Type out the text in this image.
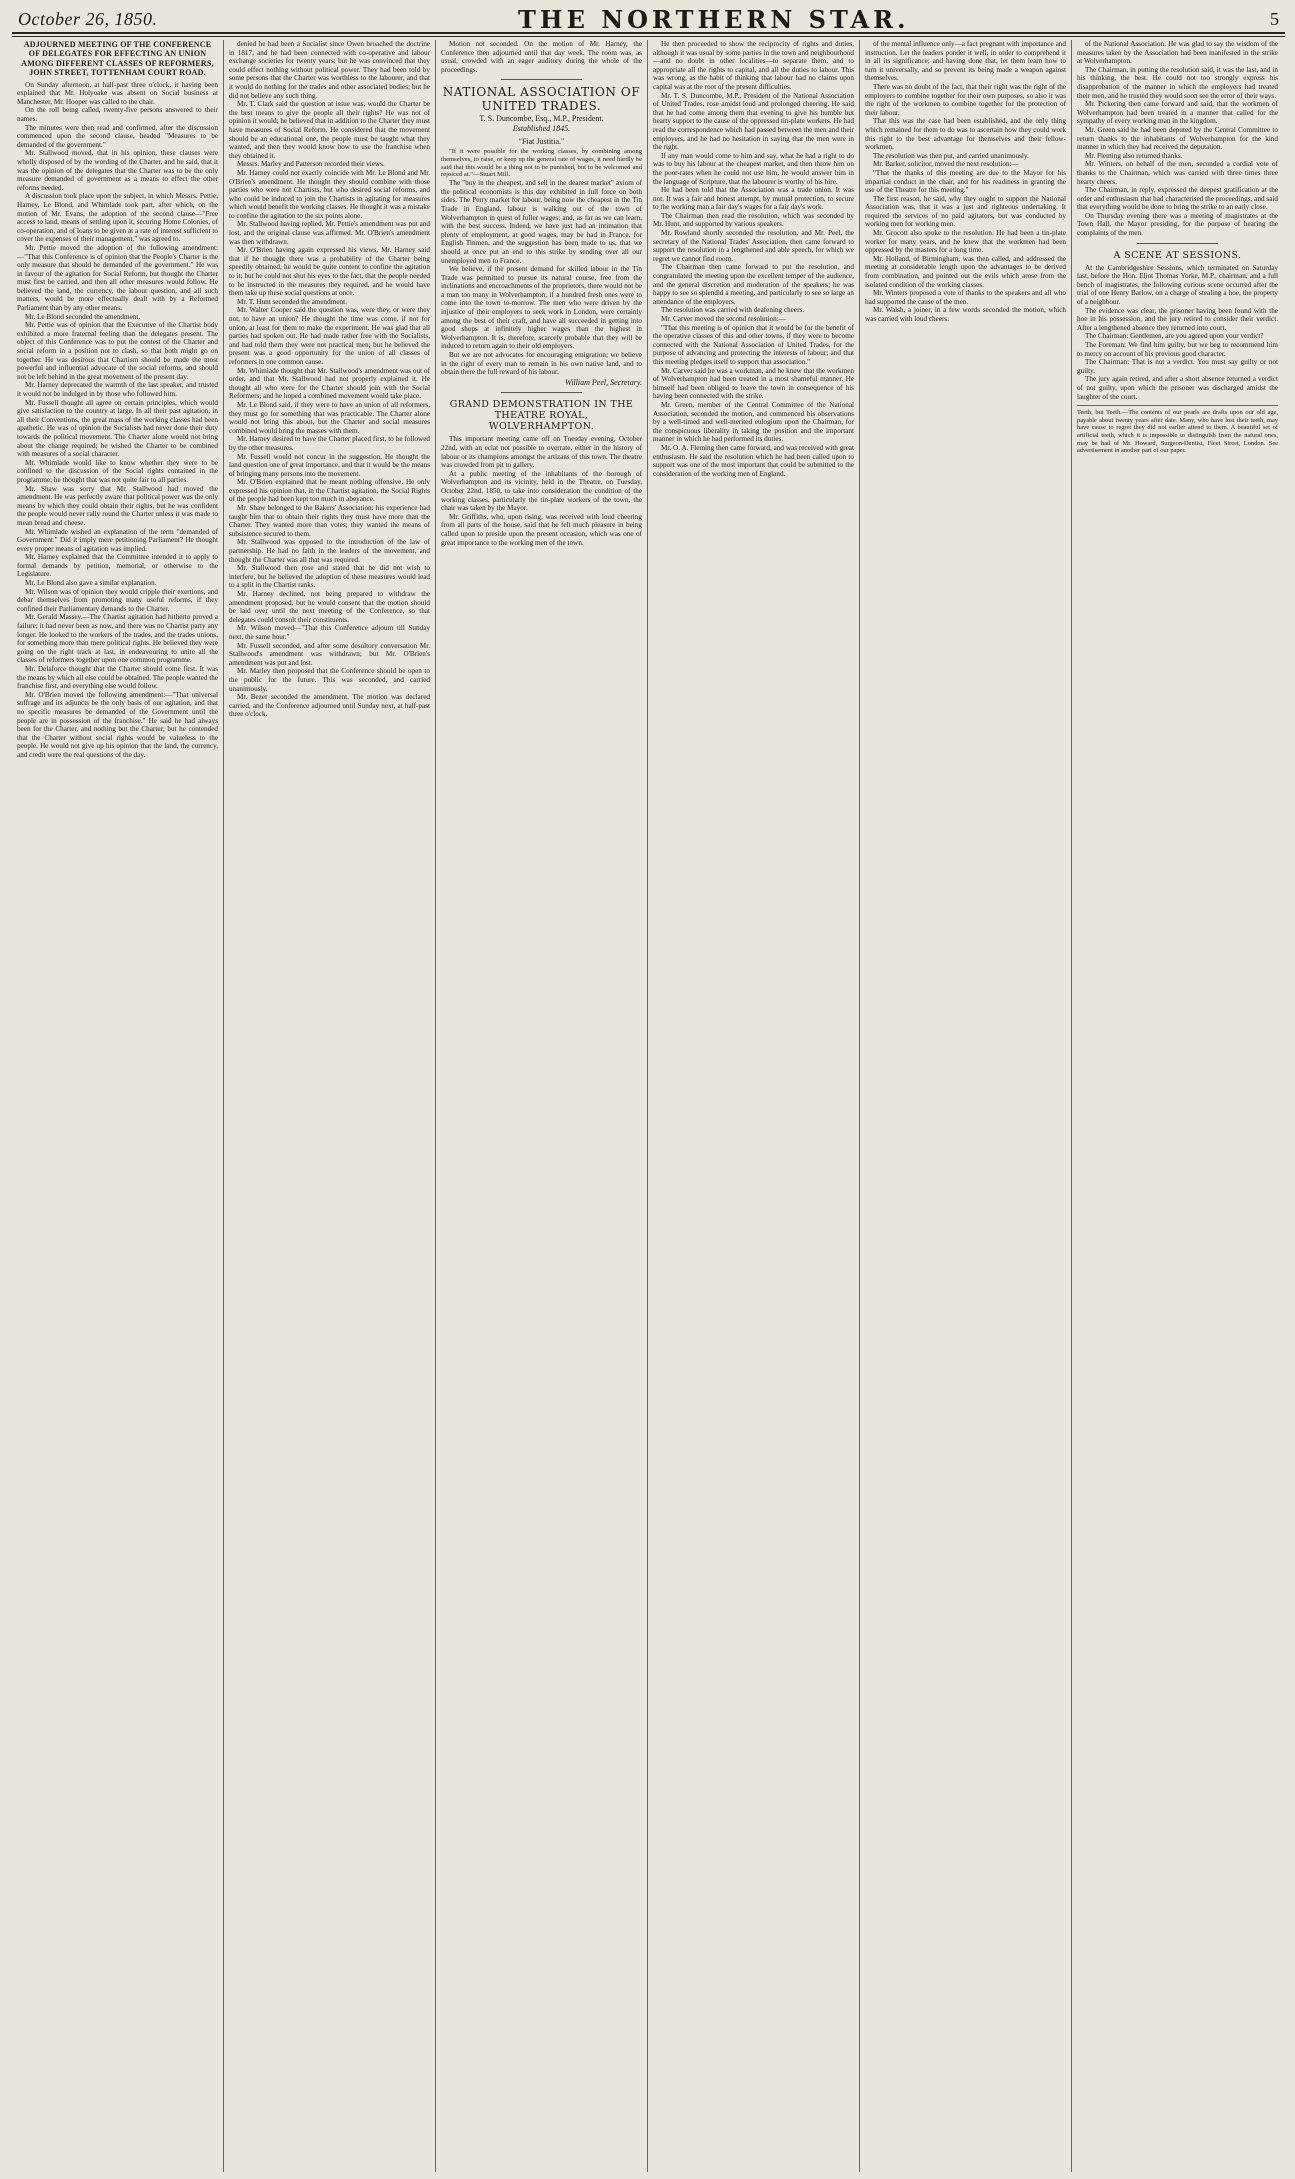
October 26, 1850.	THE NORTHERN STAR.	5

ADJOURNED MEETING OF THE CONFERENCE OF DELEGATES FOR EFFECTING AN UNION AMONG DIFFERENT CLASSES OF REFORMERS, JOHN STREET, TOTTENHAM COURT ROAD.

On Sunday afternoon, at half-past three o'clock, it having been explained that Mr. Holyoake was absent on Social business at Manchester, Mr. Hooper was called to the chair.

On the roll being called, twenty-five persons answered to their names.

The minutes were then read and confirmed, after the discussion commenced upon the second clause, headed "Measures to be demanded of the government."

Mr. Stallwood moved, that in his opinion, these clauses were wholly disposed of by the wording of the Charter, and he said, that it was the opinion of the delegates that the Charter was to be the only measure demanded of government as a means to effect the other reforms needed.

A discussion took place upon the subject, in which Messrs. Pettie, Harney, Le Blond, and Whimlade took part, after which, on the motion of Mr. Evans, the adoption of the second clause—"Free access to land, means of settling upon it, securing Home Colonies, of co-operation, and of loans to be given at a rate of interest sufficient to cover the expenses of their management," was agreed to.

Mr. Pettie moved the adoption of the following amendment:—"That this Conference is of opinion that the People's Charter is the only measure that should be demanded of the government." He was in favour of the agitation for Social Reform, but thought the Charter must first be carried, and then all other measures would follow. He believed the land, the currency, the labour question, and all such matters, would be more effectually dealt with by a Reformed Parliament than by any other means.

Mr. Le Blond seconded the amendment.

Mr. Pettie was of opinion that the Executive of the Chartist body exhibited a more fraternal feeling than the delegates present. The object of this Conference was to put the contest of the Charter and social reform in a position not to clash, so that both might go on together. He was desirous that Chartism should be made the most powerful and influential advocate of the social reforms, and should not be left behind in the great movement of the present day.

Mr. Harney deprecated the warmth of the last speaker, and trusted it would not be indulged in by those who followed him.

Mr. Fussell thought all agree on certain principles, which would give satisfaction to the country at large. In all their past agitation, in all their Conventions, the great mass of the working classes had been apathetic. He was of opinion the Socialists had never done their duty towards the political movement. The Charter alone would not bring about the change required; he wished the Charter to be combined with measures of a social character.

Mr. Whimlade would like to know whether they were to be confined to the discussion of the Social rights contained in the programme; he thought that was not quite fair to all parties.

Mr. Shaw was sorry that Mr. Stallwood had moved the amendment. He was perfectly aware that political power was the only means by which they could obtain their rights, but he was confident the people would never rally round the Charter unless it was made to mean bread and cheese.

Mr. Whimlade wished an explanation of the term "demanded of Government." Did it imply mere petitioning Parliament? He thought every proper means of agitation was implied.

Mr. Harney explained that the Committee intended it to apply to formal demands by petition, memorial, or otherwise to the Legislature.

Mr. Le Blond also gave a similar explanation.

Mr. Wilson was of opinion they would cripple their exertions, and debar themselves from promoting many useful reforms, if they confined their Parliamentary demands to the Charter.

Mr. Gerald Massey.—The Chartist agitation had hitherto proved a failure; it had never been as now, and there was no Chartist party any longer. He looked to the workers of the trades, and the trades unions, for something more than mere political rights. He believed they were going on the right track at last, in endeavouring to unite all the classes of reformers together upon one common programme.

Mr. Delaforce thought that the Charter should come first. It was the means by which all else could be obtained. The people wanted the franchise first, and everything else would follow.

Mr. O'Brien moved the following amendment:—"That universal suffrage and its adjuncts be the only basis of our agitation, and that no specific measures be demanded of the Government until the people are in possession of the franchise." He said he had always been for the Charter, and nothing but the Charter; but he contended that the Charter without social rights would be valueless to the people. He would not give up his opinion that the land, the currency, and credit were the real questions of the day.

denied he had been a Socialist since Owen broached the doctrine in 1817, and he had been connected with co-operative and labour exchange societies for twenty years; but he was convinced that they could effect nothing without political power. They had been told by some persons that the Charter was worthless to the labourer, and that it would do nothing for the trades and other associated bodies; but he did not believe any such thing.

Mr. T. Clark said the question at issue was, would the Charter be the best means to give the people all their rights? He was not of opinion it would; he believed that in addition to the Charter they must have measures of Social Reform. He considered that the movement should be an educational one, the people must be taught what they wanted, and then they would know how to use the franchise when they obtained it.

Messrs. Marley and Patterson recorded their views.

Mr. Harney could not exactly coincide with Mr. Le Blond and Mr. O'Brien's amendment. He thought they should combine with those parties who were not Chartists, but who desired social reforms, and who could be induced to join the Chartists in agitating for measures which would benefit the working classes. He thought it was a mistake to confine the agitation to the six points alone.

Mr. Stallwood having replied, Mr. Pettie's amendment was put and lost, and the original clause was affirmed. Mr. O'Brien's amendment was then withdrawn.

Mr. O'Brien having again expressed his views, Mr. Harney said that if he thought there was a probability of the Charter being speedily obtained, he would be quite content to confine the agitation to it; but he could not shut his eyes to the fact, that the people needed to be instructed in the measures they required, and he would have them take up these social questions at once.

Mr. T. Hunt seconded the amendment.

Mr. Walter Cooper said the question was, were they, or were they not, to have an union? He thought the time was come, if not for union, at least for them to make the experiment. He was glad that all parties had spoken out. He had made rather free with the Socialists, and had told them they were not practical men; but he believed the present was a good opportunity for the union of all classes of reformers in one common cause.

Mr. Whimlade thought that Mr. Stallwood's amendment was out of order, and that Mr. Stallwood had not properly explained it. He thought all who were for the Charter should join with the Social Reformers; and he hoped a combined movement would take place.

Mr. Le Blond said, if they were to have an union of all reformers, they must go for something that was practicable. The Charter alone would not bring this about, but the Charter and social measures combined would bring the masses with them.

Mr. Harney desired to have the Charter placed first, to be followed by the other measures.

Mr. Fussell would not concur in the suggestion. He thought the land question one of great importance, and that it would be the means of bringing many persons into the movement.

Mr. O'Brien explained that he meant nothing offensive. He only expressed his opinion that, in the Chartist agitation, the Social Rights of the people had been kept too much in abeyance.

Mr. Shaw belonged to the Bakers' Association: his experience had taught him that to obtain their rights they must have more than the Charter. They wanted more than votes; they wanted the means of subsistence secured to them.

Mr. Stallwood was opposed to the introduction of the law of partnership. He had no faith in the leaders of the movement, and thought the Charter was all that was required.

Mr. Stallwood then rose and stated that he did not wish to interfere, but he believed the adoption of these measures would lead to a split in the Chartist ranks.

Mr. Harney declined, not being prepared to withdraw the amendment proposed, but he would consent that the motion should be laid over until the next meeting of the Conference, so that delegates could consult their constituents.

Mr. Wilson moved—"That this Conference adjourn till Sunday next, the same hour."

Mr. Fussell seconded, and after some desultory conversation Mr. Stallwood's amendment was withdrawn; but Mr. O'Brien's amendment was put and lost.

Mr. Marley then proposed that the Conference should be open to the public for the future. This was seconded, and carried unanimously.

Mr. Bezer seconded the amendment. The motion was declared carried, and the Conference adjourned until Sunday next, at half-past three o'clock.

Motion not seconded. On the motion of Mr. Harney, the Conference then adjourned until that day week. The room was, as usual, crowded with an eager auditory during the whole of the proceedings.

NATIONAL ASSOCIATION OF UNITED TRADES.

T. S. Duncombe, Esq., M.P., President.

Established 1845.

"Fiat Justitia."

"If it were possible for the working classes, by combining among themselves, to raise, or keep up the general rate of wages, it need hardly be said that this would be a thing not to be punished, but to be welcomed and rejoiced at."—Stuart Mill.

The "buy in the cheapest, and sell in the dearest market" axiom of the political economists is this day exhibited in full force on both sides. The Perry market for labour, being now the cheapest in the Tin Trade in England, labour is walking out of the town of Wolverhampton in quest of fuller wages; and, as far as we can learn, with the best success. Indeed, we have just had an intimation that plenty of employment, at good wages, may be had in France, for English Tinmen, and the suggestion has been made to us, that we should at once put an end to this strike by sending over all our unemployed men to France.

We believe, if the present demand for skilled labour in the Tin Trade was permitted to pursue its natural course, free from the inclinations and encroachments of the proprietors, there would not be a man too many in Wolverhampton, if a hundred fresh ones were to come into the town to-morrow. The men who were driven by the injustice of their employers to seek work in London, were certainly among the best of their craft, and have all succeeded in getting into good shops at infinitely higher wages than the highest in Wolverhampton. It is, therefore, scarcely probable that they will be induced to return again to their old employers.

But we are not advocates for encouraging emigration; we believe in the right of every man to remain in his own native land, and to obtain there the full reward of his labour.

William Peel, Secretary.

GRAND DEMONSTRATION IN THE THEATRE ROYAL, WOLVERHAMPTON.

This important meeting came off on Tuesday evening, October 22nd, with an eclat not possible to overrate, either in the history of labour or its champions amongst the artizans of this town. The theatre was crowded from pit to gallery.

At a public meeting of the inhabitants of the borough of Wolverhampton and its vicinity, held in the Theatre, on Tuesday, October 22nd, 1850, to take into consideration the condition of the working classes, particularly the tin-plate workers of the town, the chair was taken by the Mayor.

Mr. Griffiths, who, upon rising, was received with loud cheering from all parts of the house, said that he felt much pleasure in being called upon to preside upon the present occasion, which was one of great importance to the working men of the town.

He then proceeded to show the reciprocity of rights and duties, although it was usual by some parties in the town and neighbourhood—and no doubt in other localities—to separate them, and to appropriate all the rights to capital, and all the duties to labour. This was wrong, as the habit of thinking that labour had no claims upon capital was at the root of the present difficulties.

Mr. T. S. Duncombe, M.P., President of the National Association of United Trades, rose amidst loud and prolonged cheering. He said that he had come among them that evening to give his humble but hearty support to the cause of the oppressed tin-plate workers. He had read the correspondence which had passed between the men and their employers, and he had no hesitation in saying that the men were in the right.

If any man would come to him and say, what he had a right to do was to buy his labour at the cheapest market, and then throw him on the poor-rates when he could not use him, he would answer him in the language of Scripture, that the labourer is worthy of his hire.

He had been told that the Association was a trade union. It was not. It was a fair and honest attempt, by mutual protection, to secure to the working man a fair day's wages for a fair day's work.

The Chairman then read the resolution, which was seconded by Mr. Hunt, and supported by various speakers.

Mr. Rowland shortly seconded the resolution, and Mr. Peel, the secretary of the National Trades' Association, then came forward to support the resolution in a lengthened and able speech, for which we regret we cannot find room.

The Chairman then came forward to put the resolution, and congratulated the meeting upon the excellent temper of the audience, and the general discretion and moderation of the speakers; he was happy to see so splendid a meeting, and particularly to see so large an attendance of the employers.

The resolution was carried with deafening cheers.

Mr. Carver moved the second resolution:—

"That this meeting is of opinion that it would be for the benefit of the operative classes of this and other towns, if they were to become connected with the National Association of United Trades, for the purpose of advancing and protecting the interests of labour; and that this meeting pledges itself to support that association."

Mr. Carver said he was a workman, and he knew that the workmen of Wolverhampton had been treated in a most shameful manner. He himself had been obliged to leave the town in consequence of his having been connected with the strike.

Mr. Green, member of the Central Committee of the National Association, seconded the motion, and commenced his observations by a well-timed and well-merited eulogium upon the Chairman, for the conspicuous liberality in taking the position and the important manner in which he had performed its duties.

Mr. O. A. Fleming then came forward, and was received with great enthusiasm. He said the resolution which he had been called upon to support was one of the most important that could be submitted to the consideration of the working men of England.

of the mental influence only—a fact pregnant with importance and instruction. Let the leaders ponder it well, in order to comprehend it in all its significance; and having done that, let them learn how to turn it universally, and so prevent its being made a weapon against themselves.

There was no doubt of the fact, that their right was the right of the employers to combine together for their own purposes, so also it was the right of the workmen to combine together for the protection of their labour.

That this was the case had been established, and the only thing which remained for them to do was to ascertain how they could work this right to the best advantage for themselves and their fellow-workmen.

The resolution was then put, and carried unanimously.

Mr. Barker, solicitor, moved the next resolution:—

"That the thanks of this meeting are due to the Mayor for his impartial conduct in the chair, and for his readiness in granting the use of the Theatre for this meeting."

The first reason, he said, why they ought to support the National Association was, that it was a just and righteous undertaking. It required the services of no paid agitators, but was conducted by working men for working men.

Mr. Grocott also spoke to the resolution. He had been a tin-plate worker for many years, and he knew that the workmen had been oppressed by the masters for a long time.

Mr. Holland, of Birmingham, was then called, and addressed the meeting at considerable length upon the advantages to be derived from combination, and pointed out the evils which arose from the isolated condition of the working classes.

Mr. Winters proposed a vote of thanks to the speakers and all who had supported the cause of the men.

Mr. Walsh, a joiner, in a few words seconded the motion, which was carried with loud cheers.

of the National Association. He was glad to say the wisdom of the measures taken by the Association had been manifested in the strike at Wolverhampton.

The Chairman, in putting the resolution said, it was the last, and in his thinking, the best. He could not too strongly express his disapprobation of the manner in which the employers had treated their men, and he trusted they would soon see the error of their ways.

Mr. Pickering then came forward and said, that the workmen of Wolverhampton had been treated in a manner that called for the sympathy of every working man in the kingdom.

Mr. Green said he had been deputed by the Central Committee to return thanks to the inhabitants of Wolverhampton for the kind manner in which they had received the deputation.

Mr. Fleming also returned thanks.

Mr. Winters, on behalf of the men, seconded a cordial vote of thanks to the Chairman, which was carried with three times three hearty cheers.

The Chairman, in reply, expressed the deepest gratification at the order and enthusiasm that had characterised the proceedings, and said that everything would be done to bring the strike to an early close.

On Thursday evening there was a meeting of magistrates at the Town Hall, the Mayor presiding, for the purpose of hearing the complaints of the men.

A SCENE AT SESSIONS.

At the Cambridgeshire Sessions, which terminated on Saturday last, before the Hon. Eliot Thomas Yorke, M.P., chairman, and a full bench of magistrates, the following curious scene occurred after the trial of one Henry Barlow, on a charge of stealing a hoe, the property of a neighbour.

The evidence was clear, the prisoner having been found with the hoe in his possession, and the jury retired to consider their verdict. After a lengthened absence they returned into court.

The Chairman: Gentlemen, are you agreed upon your verdict?

The Foreman: We find him guilty, but we beg to recommend him to mercy on account of his previous good character.

The Chairman: That is not a verdict. You must say guilty or not guilty.

The jury again retired, and after a short absence returned a verdict of not guilty, upon which the prisoner was discharged amidst the laughter of the court.

Teeth, but Teeth.—The contents of our pearls are drafts upon our old age, payable about twenty years after date. Many, who have lost their teeth, may have cause to regret they did not earlier attend to them. A beautiful set of artificial teeth, which it is impossible to distinguish from the natural ones, may be had of Mr. Howard, Surgeon-Dentist, Fleet Street, London. See advertisement in another part of our paper.
